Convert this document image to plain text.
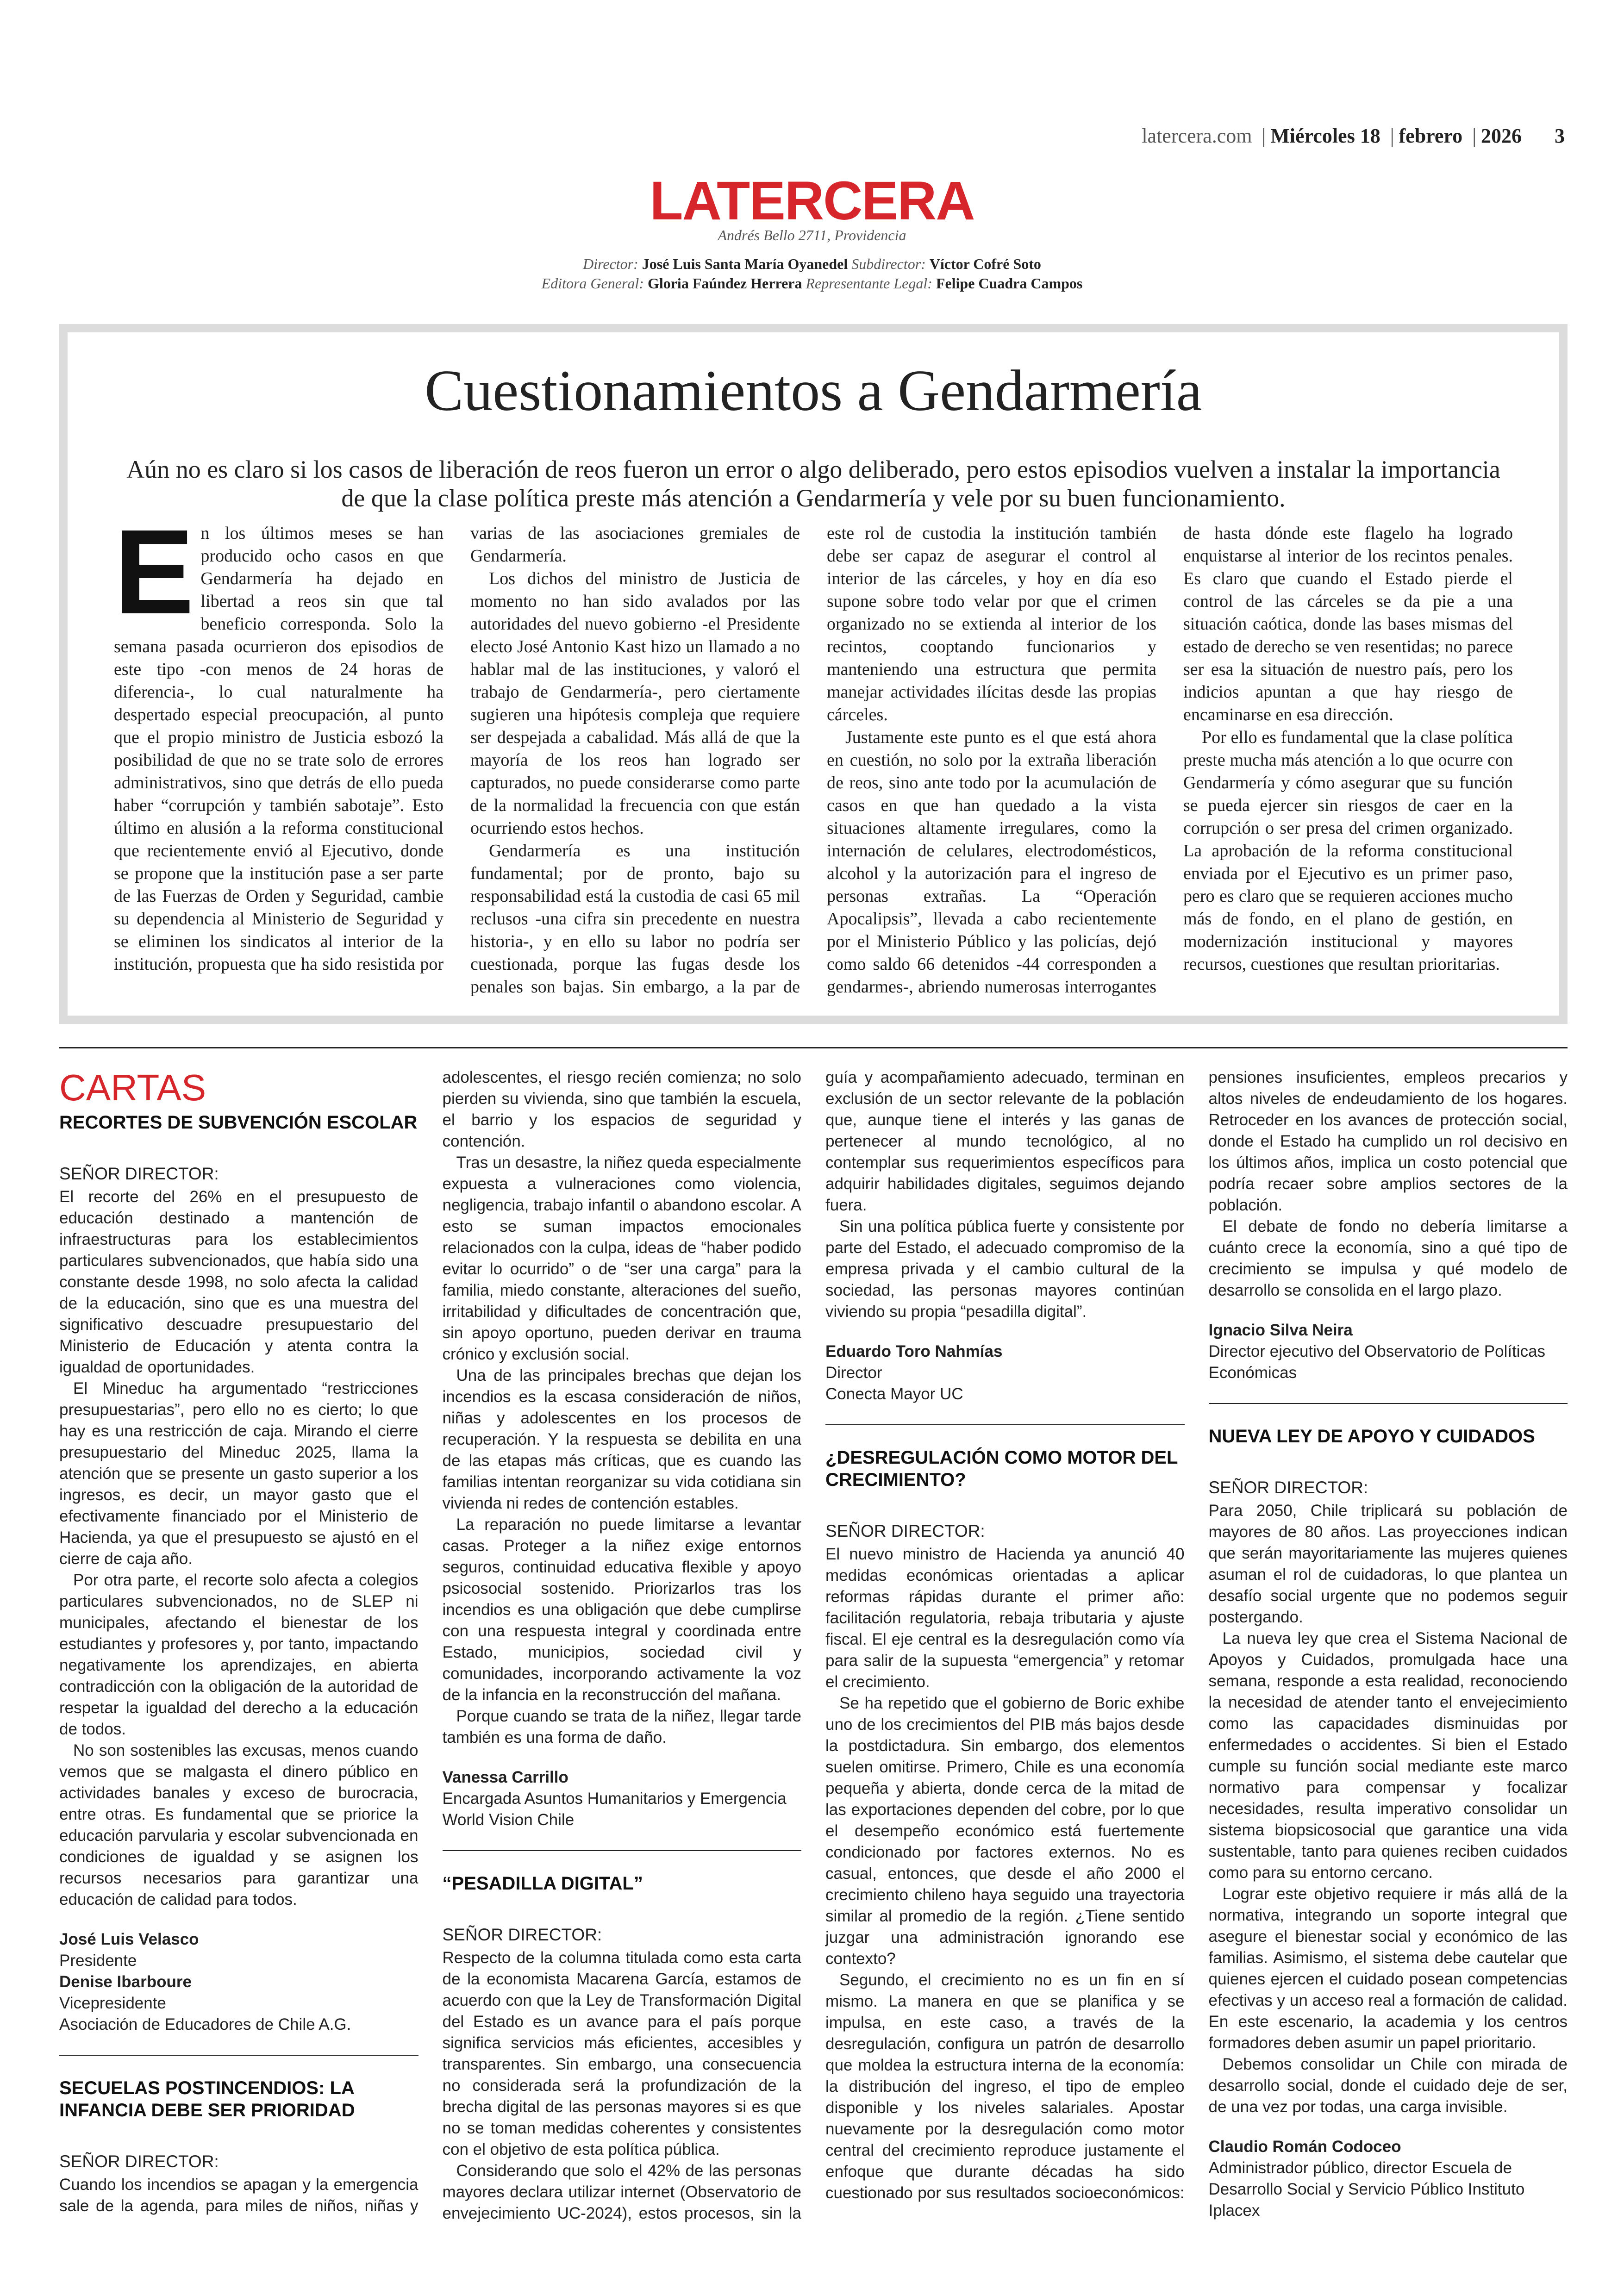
latercera.com | Miércoles 18 | febrero | 2026 3
LATERCERA
Andrés Bello 2711, Providencia
Director: José Luis Santa María Oyanedel Subdirector: Víctor Cofré Soto
Editora General: Gloria Faúndez Herrera Representante Legal: Felipe Cuadra Campos
Cuestionamientos a Gendarmería
Aún no es claro si los casos de liberación de reos fueron un error o algo deliberado, pero estos episodios vuelven a instalar la importancia de que la clase política preste más atención a Gendarmería y vele por su buen funcionamiento.

En los últimos meses se han producido ocho casos en que Gendarmería ha dejado en libertad a reos sin que tal beneficio corresponda. Solo la semana pasada ocurrieron dos episodios de este tipo -con menos de 24 horas de diferencia-, lo cual naturalmente ha despertado especial preocupación, al punto que el propio ministro de Justicia esbozó la posibilidad de que no se trate solo de errores administrativos, sino que detrás de ello pueda haber “corrupción y también sabotaje”. Esto último en alusión a la reforma constitucional que recientemente envió al Ejecutivo, donde se propone que la institución pase a ser parte de las Fuerzas de Orden y Seguridad, cambie su dependencia al Ministerio de Seguridad y se eliminen los sindicatos al interior de la institución, propuesta que ha sido resistida por varias de las asociaciones gremiales de Gendarmería.

Los dichos del ministro de Justicia de momento no han sido avalados por las autoridades del nuevo gobierno -el Presidente electo José Antonio Kast hizo un llamado a no hablar mal de las instituciones, y valoró el trabajo de Gendarmería-, pero ciertamente sugieren una hipótesis compleja que requiere ser despejada a cabalidad. Más allá de que la mayoría de los reos han logrado ser capturados, no puede considerarse como parte de la normalidad la frecuencia con que están ocurriendo estos hechos.

Gendarmería es una institución fundamental; por de pronto, bajo su responsabilidad está la custodia de casi 65 mil reclusos -una cifra sin precedente en nuestra historia-, y en ello su labor no podría ser cuestionada, porque las fugas desde los penales son bajas. Sin embargo, a la par de este rol de custodia la institución también debe ser capaz de asegurar el control al interior de las cárceles, y hoy en día eso supone sobre todo velar por que el crimen organizado no se extienda al interior de los recintos, cooptando funcionarios y manteniendo una estructura que permita manejar actividades ilícitas desde las propias cárceles.

Justamente este punto es el que está ahora en cuestión, no solo por la extraña liberación de reos, sino ante todo por la acumulación de casos en que han quedado a la vista situaciones altamente irregulares, como la internación de celulares, electrodomésticos, alcohol y la autorización para el ingreso de personas extrañas. La “Operación Apocalipsis”, llevada a cabo recientemente por el Ministerio Público y las policías, dejó como saldo 66 detenidos -44 corresponden a gendarmes-, abriendo numerosas interrogantes de hasta dónde este flagelo ha logrado enquistarse al interior de los recintos penales. Es claro que cuando el Estado pierde el control de las cárceles se da pie a una situación caótica, donde las bases mismas del estado de derecho se ven resentidas; no parece ser esa la situación de nuestro país, pero los indicios apuntan a que hay riesgo de encaminarse en esa dirección.

Por ello es fundamental que la clase política preste mucha más atención a lo que ocurre con Gendarmería y cómo asegurar que su función se pueda ejercer sin riesgos de caer en la corrupción o ser presa del crimen organizado. La aprobación de la reforma constitucional enviada por el Ejecutivo es un primer paso, pero es claro que se requieren acciones mucho más de fondo, en el plano de gestión, en modernización institucional y mayores recursos, cuestiones que resultan prioritarias.

CARTAS
RECORTES DE SUBVENCIÓN ESCOLAR

SEÑOR DIRECTOR:

El recorte del 26% en el presupuesto de educación destinado a mantención de infraestructuras para los establecimientos particulares subvencionados, que había sido una constante desde 1998, no solo afecta la calidad de la educación, sino que es una muestra del significativo descuadre presupuestario del Ministerio de Educación y atenta contra la igualdad de oportunidades.

El Mineduc ha argumentado “restricciones presupuestarias”, pero ello no es cierto; lo que hay es una restricción de caja. Mirando el cierre presupuestario del Mineduc 2025, llama la atención que se presente un gasto superior a los ingresos, es decir, un mayor gasto que el efectivamente financiado por el Ministerio de Hacienda, ya que el presupuesto se ajustó en el cierre de caja año.

Por otra parte, el recorte solo afecta a colegios particulares subvencionados, no de SLEP ni municipales, afectando el bienestar de los estudiantes y profesores y, por tanto, impactando negativamente los aprendizajes, en abierta contradicción con la obligación de la autoridad de respetar la igualdad del derecho a la educación de todos.

No son sostenibles las excusas, menos cuando vemos que se malgasta el dinero público en actividades banales y exceso de burocracia, entre otras. Es fundamental que se priorice la educación parvularia y escolar subvencionada en condiciones de igualdad y se asignen los recursos necesarios para garantizar una educación de calidad para todos.

José Luis Velasco

Presidente

Denise Ibarboure

Vicepresidente

Asociación de Educadores de Chile A.G.

SECUELAS POSTINCENDIOS: LA INFANCIA DEBE SER PRIORIDAD

SEÑOR DIRECTOR:

Cuando los incendios se apagan y la emergencia sale de la agenda, para miles de niños, niñas y adolescentes, el riesgo recién comienza; no solo pierden su vivienda, sino que también la escuela, el barrio y los espacios de seguridad y contención.

Tras un desastre, la niñez queda especialmente expuesta a vulneraciones como violencia, negligencia, trabajo infantil o abandono escolar. A esto se suman impactos emocionales relacionados con la culpa, ideas de “haber podido evitar lo ocurrido” o de “ser una carga” para la familia, miedo constante, alteraciones del sueño, irritabilidad y dificultades de concentración que, sin apoyo oportuno, pueden derivar en trauma crónico y exclusión social.

Una de las principales brechas que dejan los incendios es la escasa consideración de niños, niñas y adolescentes en los procesos de recuperación. Y la respuesta se debilita en una de las etapas más críticas, que es cuando las familias intentan reorganizar su vida cotidiana sin vivienda ni redes de contención estables.

La reparación no puede limitarse a levantar casas. Proteger a la niñez exige entornos seguros, continuidad educativa flexible y apoyo psicosocial sostenido. Priorizarlos tras los incendios es una obligación que debe cumplirse con una respuesta integral y coordinada entre Estado, municipios, sociedad civil y comunidades, incorporando activamente la voz de la infancia en la reconstrucción del mañana.

Porque cuando se trata de la niñez, llegar tarde también es una forma de daño.

Vanessa Carrillo

Encargada Asuntos Humanitarios y Emergencia World Vision Chile

“PESADILLA DIGITAL”

SEÑOR DIRECTOR:

Respecto de la columna titulada como esta carta de la economista Macarena García, estamos de acuerdo con que la Ley de Transformación Digital del Estado es un avance para el país porque significa servicios más eficientes, accesibles y transparentes. Sin embargo, una consecuencia no considerada será la profundización de la brecha digital de las personas mayores si es que no se toman medidas coherentes y consistentes con el objetivo de esta política pública.

Considerando que solo el 42% de las personas mayores declara utilizar internet (Observatorio de envejecimiento UC-2024), estos procesos, sin la guía y acompañamiento adecuado, terminan en exclusión de un sector relevante de la población que, aunque tiene el interés y las ganas de pertenecer al mundo tecnológico, al no contemplar sus requerimientos específicos para adquirir habilidades digitales, seguimos dejando fuera.

Sin una política pública fuerte y consistente por parte del Estado, el adecuado compromiso de la empresa privada y el cambio cultural de la sociedad, las personas mayores continúan viviendo su propia “pesadilla digital”.

Eduardo Toro Nahmías

Director

Conecta Mayor UC

¿DESREGULACIÓN COMO MOTOR DEL CRECIMIENTO?

SEÑOR DIRECTOR:

El nuevo ministro de Hacienda ya anunció 40 medidas económicas orientadas a aplicar reformas rápidas durante el primer año: facilitación regulatoria, rebaja tributaria y ajuste fiscal. El eje central es la desregulación como vía para salir de la supuesta “emergencia” y retomar el crecimiento.

Se ha repetido que el gobierno de Boric exhibe uno de los crecimientos del PIB más bajos desde la postdictadura. Sin embargo, dos elementos suelen omitirse. Primero, Chile es una economía pequeña y abierta, donde cerca de la mitad de las exportaciones dependen del cobre, por lo que el desempeño económico está fuertemente condicionado por factores externos. No es casual, entonces, que desde el año 2000 el crecimiento chileno haya seguido una trayectoria similar al promedio de la región. ¿Tiene sentido juzgar una administración ignorando ese contexto?

Segundo, el crecimiento no es un fin en sí mismo. La manera en que se planifica y se impulsa, en este caso, a través de la desregulación, configura un patrón de desarrollo que moldea la estructura interna de la economía: la distribución del ingreso, el tipo de empleo disponible y los niveles salariales. Apostar nuevamente por la desregulación como motor central del crecimiento reproduce justamente el enfoque que durante décadas ha sido cuestionado por sus resultados socioeconómicos: pensiones insuficientes, empleos precarios y altos niveles de endeudamiento de los hogares. Retroceder en los avances de protección social, donde el Estado ha cumplido un rol decisivo en los últimos años, implica un costo potencial que podría recaer sobre amplios sectores de la población.

El debate de fondo no debería limitarse a cuánto crece la economía, sino a qué tipo de crecimiento se impulsa y qué modelo de desarrollo se consolida en el largo plazo.

Ignacio Silva Neira

Director ejecutivo del Observatorio de Políticas Económicas

NUEVA LEY DE APOYO Y CUIDADOS

SEÑOR DIRECTOR:

Para 2050, Chile triplicará su población de mayores de 80 años. Las proyecciones indican que serán mayoritariamente las mujeres quienes asuman el rol de cuidadoras, lo que plantea un desafío social urgente que no podemos seguir postergando.

La nueva ley que crea el Sistema Nacional de Apoyos y Cuidados, promulgada hace una semana, responde a esta realidad, reconociendo la necesidad de atender tanto el envejecimiento como las capacidades disminuidas por enfermedades o accidentes. Si bien el Estado cumple su función social mediante este marco normativo para compensar y focalizar necesidades, resulta imperativo consolidar un sistema biopsicosocial que garantice una vida sustentable, tanto para quienes reciben cuidados como para su entorno cercano.

Lograr este objetivo requiere ir más allá de la normativa, integrando un soporte integral que asegure el bienestar social y económico de las familias. Asimismo, el sistema debe cautelar que quienes ejercen el cuidado posean competencias efectivas y un acceso real a formación de calidad. En este escenario, la academia y los centros formadores deben asumir un papel prioritario.

Debemos consolidar un Chile con mirada de desarrollo social, donde el cuidado deje de ser, de una vez por todas, una carga invisible.

Claudio Román Codoceo

Administrador público, director Escuela de Desarrollo Social y Servicio Público Instituto Iplacex
